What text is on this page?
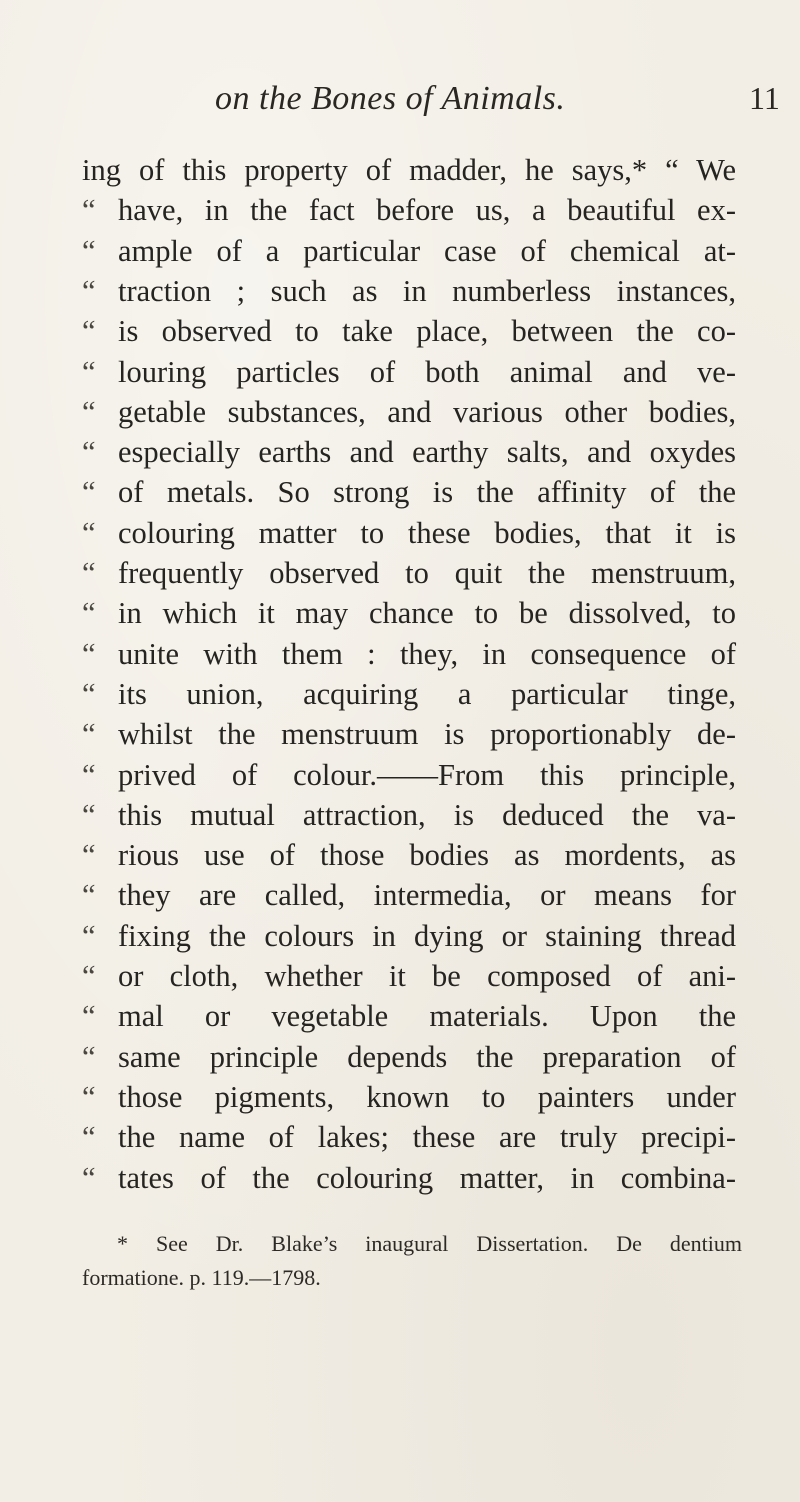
on the Bones of Animals.	11
ing of this property of madder, he says,* “ We
“ have, in the fact before us, a beautiful ex-
“ ample of a particular case of chemical at-
“ traction ; such as in numberless instances,
“ is observed to take place, between the co-
“ louring particles of both animal and ve-
“ getable substances, and various other bodies,
“ especially earths and earthy salts, and oxydes
“ of metals. So strong is the affinity of the
“ colouring matter to these bodies, that it is
“ frequently observed to quit the menstruum,
“ in which it may chance to be dissolved, to
“ unite with them : they, in consequence of
“ its union, acquiring a particular tinge,
“ whilst the menstruum is proportionably de-
“ prived of colour.——From this principle,
“ this mutual attraction, is deduced the va-
“ rious use of those bodies as mordents, as
“ they are called, intermedia, or means for
“ fixing the colours in dying or staining thread
“ or cloth, whether it be composed of ani-
“ mal or vegetable materials. Upon the
“ same principle depends the preparation of
“ those pigments, known to painters under
“ the name of lakes; these are truly precipi-
“ tates of the colouring matter, in combina-
* See Dr. Blake’s inaugural Dissertation. De dentium
formatione. p. 119.—1798.
